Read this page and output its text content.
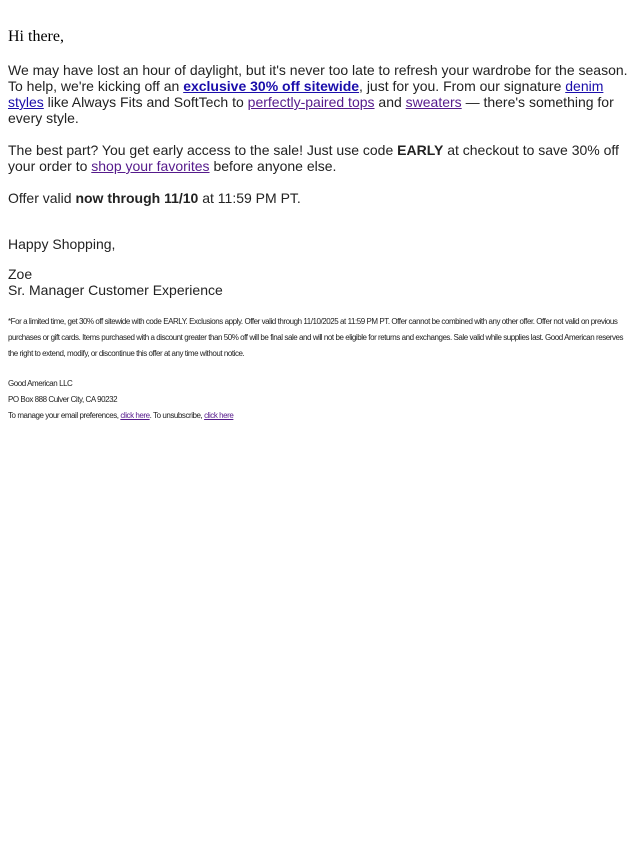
Hi there,
We may have lost an hour of daylight, but it's never too late to refresh your wardrobe for the season. To help, we're kicking off an exclusive 30% off sitewide, just for you. From our signature denim styles like Always Fits and SoftTech to perfectly-paired tops and sweaters — there's something for every style.
The best part? You get early access to the sale! Just use code EARLY at checkout to save 30% off your order to shop your favorites before anyone else.
Offer valid now through 11/10 at 11:59 PM PT.
Happy Shopping,
Zoe
Sr. Manager Customer Experience
*For a limited time, get 30% off sitewide with code EARLY. Exclusions apply. Offer valid through 11/10/2025 at 11:59 PM PT. Offer cannot be combined with any other offer. Offer not valid on previous purchases or gift cards. Items purchased with a discount greater than 50% off will be final sale and will not be eligible for returns and exchanges. Sale valid while supplies last. Good American reserves the right to extend, modify, or discontinue this offer at any time without notice.
Good American LLC
PO Box 888 Culver City, CA 90232
To manage your email preferences, click here. To unsubscribe, click here
